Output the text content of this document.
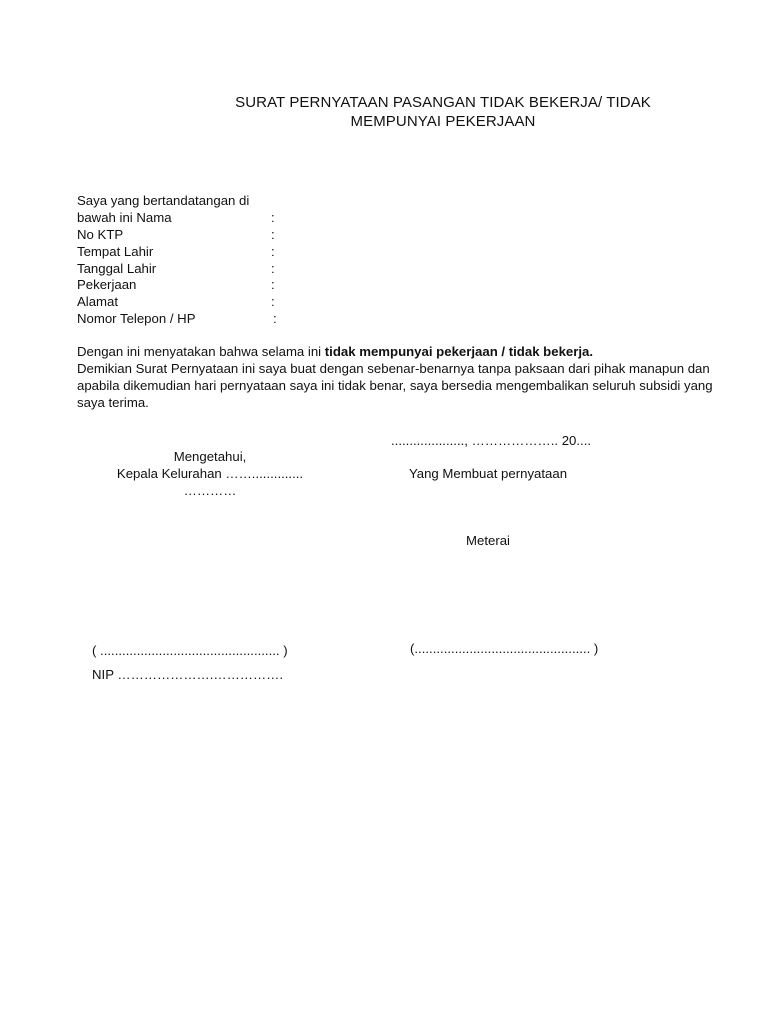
SURAT PERNYATAAN PASANGAN TIDAK BEKERJA/ TIDAK
MEMPUNYAI PEKERJAAN
Saya yang bertandatangan di
bawah ini Nama	:
No KTP	:
Tempat Lahir	:
Tanggal Lahir	:
Pekerjaan	:
Alamat	:
Nomor Telepon / HP	:
Dengan ini menyatakan bahwa selama ini tidak mempunyai pekerjaan / tidak bekerja.
Demikian Surat Pernyataan ini saya buat dengan sebenar-benarnya tanpa paksaan dari pihak manapun dan
apabila dikemudian hari pernyataan saya ini tidak benar, saya bersedia mengembalikan seluruh subsidi yang
saya terima.
...................., ……………….. 20....
Mengetahui,
Kepala Kelurahan ……..............
…………
Yang Membuat pernyataan
Meterai
( ................................................. )	(................................................ )
NIP ………………….…………….
